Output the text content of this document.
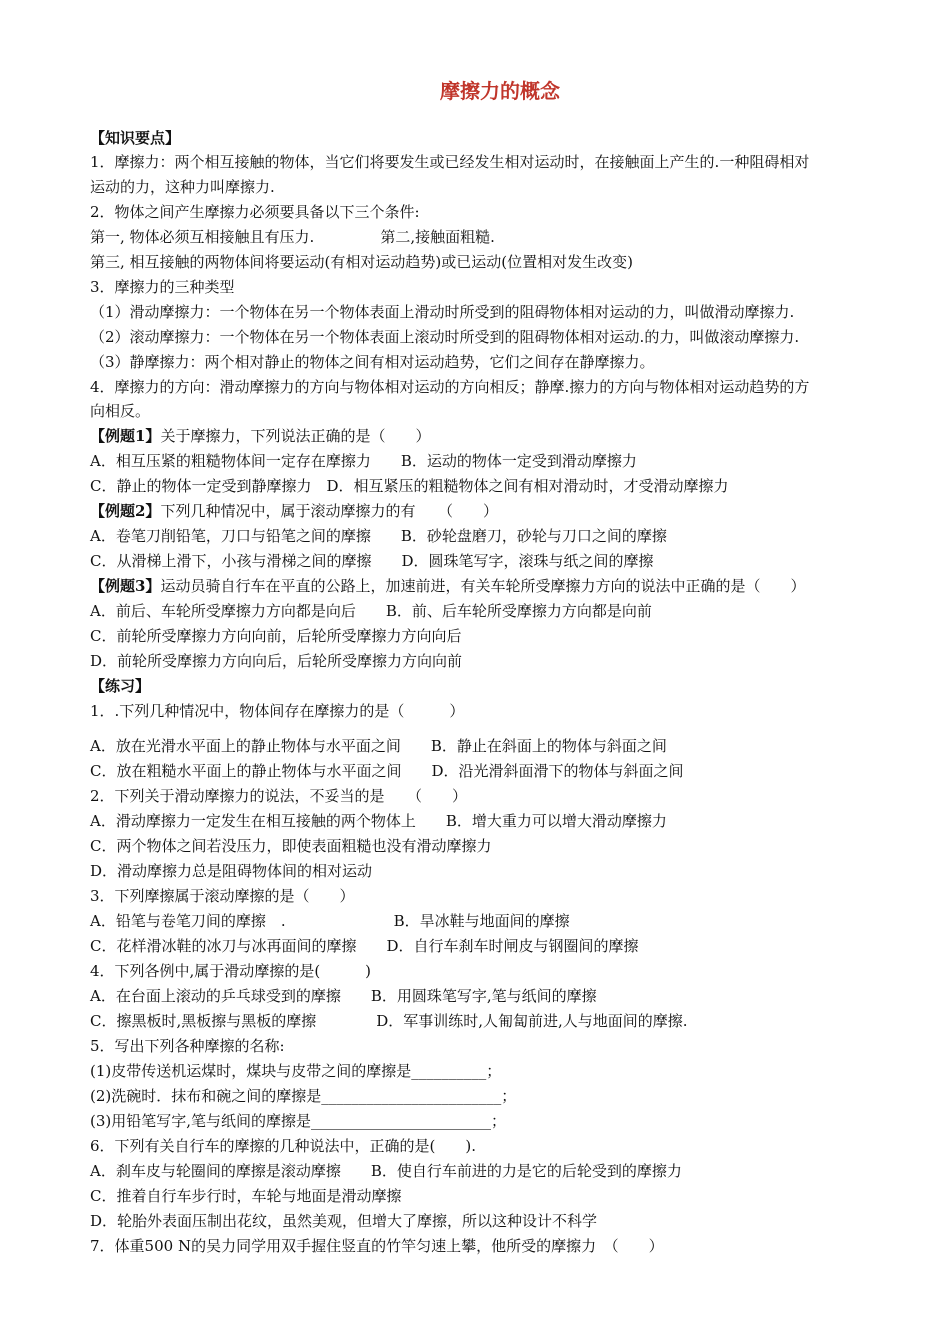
摩擦力的概念
【知识要点】
1．摩擦力：两个相互接触的物体，当它们将要发生或已经发生相对运动时，在接触面上产生的.一种阻碍相对
运动的力，这种力叫摩擦力.
2．物体之间产生摩擦力必须要具备以下三个条件:
第一, 物体必须互相接触且有压力.	第二,接触面粗糙.
第三, 相互接触的两物体间将要运动(有相对运动趋势)或已运动(位置相对发生改变)
3．摩擦力的三种类型
（1）滑动摩擦力：一个物体在另一个物体表面上滑动时所受到的阻碍物体相对运动的力，叫做滑动摩擦力.
（2）滚动摩擦力：一个物体在另一个物体表面上滚动时所受到的阻碍物体相对运动.的力，叫做滚动摩擦力.
（3）静摩擦力：两个相对静止的物体之间有相对运动趋势，它们之间存在静摩擦力。
4．摩擦力的方向：滑动摩擦力的方向与物体相对运动的方向相反；静摩.擦力的方向与物体相对运动趋势的方
向相反。
【例题1】关于摩擦力，下列说法正确的是（　　）
A．相互压紧的粗糙物体间一定存在摩擦力　　B．运动的物体一定受到滑动摩擦力
C．静止的物体一定受到静摩擦力　D．相互紧压的粗糙物体之间有相对滑动时，才受滑动摩擦力
【例题2】下列几种情况中，属于滚动摩擦力的有　　（　　）
A．卷笔刀削铅笔，刀口与铅笔之间的摩擦　　B．砂轮盘磨刀，砂轮与刀口之间的摩擦
C．从滑梯上滑下，小孩与滑梯之间的摩擦　　D．圆珠笔写字，滚珠与纸之间的摩擦
【例题3】运动员骑自行车在平直的公路上，加速前进，有关车轮所受摩擦力方向的说法中正确的是（　　）
A．前后、车轮所受摩擦力方向都是向后　　B．前、后车轮所受摩擦力方向都是向前
C．前轮所受摩擦力方向向前，后轮所受摩擦力方向向后
D．前轮所受摩擦力方向向后，后轮所受摩擦力方向向前
【练习】
1．.下列几种情况中，物体间存在摩擦力的是（　　　）
A．放在光滑水平面上的静止物体与水平面之间　　B．静止在斜面上的物体与斜面之间
C．放在粗糙水平面上的静止物体与水平面之间　　D．沿光滑斜面滑下的物体与斜面之间
2．下列关于滑动摩擦力的说法，不妥当的是　　（　　）
A．滑动摩擦力一定发生在相互接触的两个物体上　　B．增大重力可以增大滑动摩擦力
C．两个物体之间若没压力，即使表面粗糙也没有滑动摩擦力
D．滑动摩擦力总是阻碍物体间的相对运动
3．下列摩擦属于滚动摩擦的是（　　）
A．铅笔与卷笔刀间的摩擦　.	B．旱冰鞋与地面间的摩擦
C．花样滑冰鞋的冰刀与冰再面间的摩擦　　D．自行车刹车时闸皮与钢圈间的摩擦
4．下列各例中,属于滑动摩擦的是(　　　)
A．在台面上滚动的乒乓球受到的摩擦　　B．用圆珠笔写字,笔与纸间的摩擦
C．擦黑板时,黑板擦与黑板的摩擦　　　　D．军事训练时,人匍匐前进,人与地面间的摩擦.
5．写出下列各种摩擦的名称:
(1)皮带传送机运煤时，煤块与皮带之间的摩擦是__________；
(2)洗碗时．抹布和碗之间的摩擦是________________________；
(3)用铅笔写字,笔与纸间的摩擦是________________________；
6．下列有关自行车的摩擦的几种说法中，正确的是(　　).
A．刹车皮与轮圈间的摩擦是滚动摩擦　　B．使自行车前进的力是它的后轮受到的摩擦力
C．推着自行车步行时，车轮与地面是滑动摩擦
D．轮胎外表面压制出花纹，虽然美观，但增大了摩擦，所以这种设计不科学
7．体重500 N的吴力同学用双手握住竖直的竹竿匀速上攀，他所受的摩擦力　（　　）
